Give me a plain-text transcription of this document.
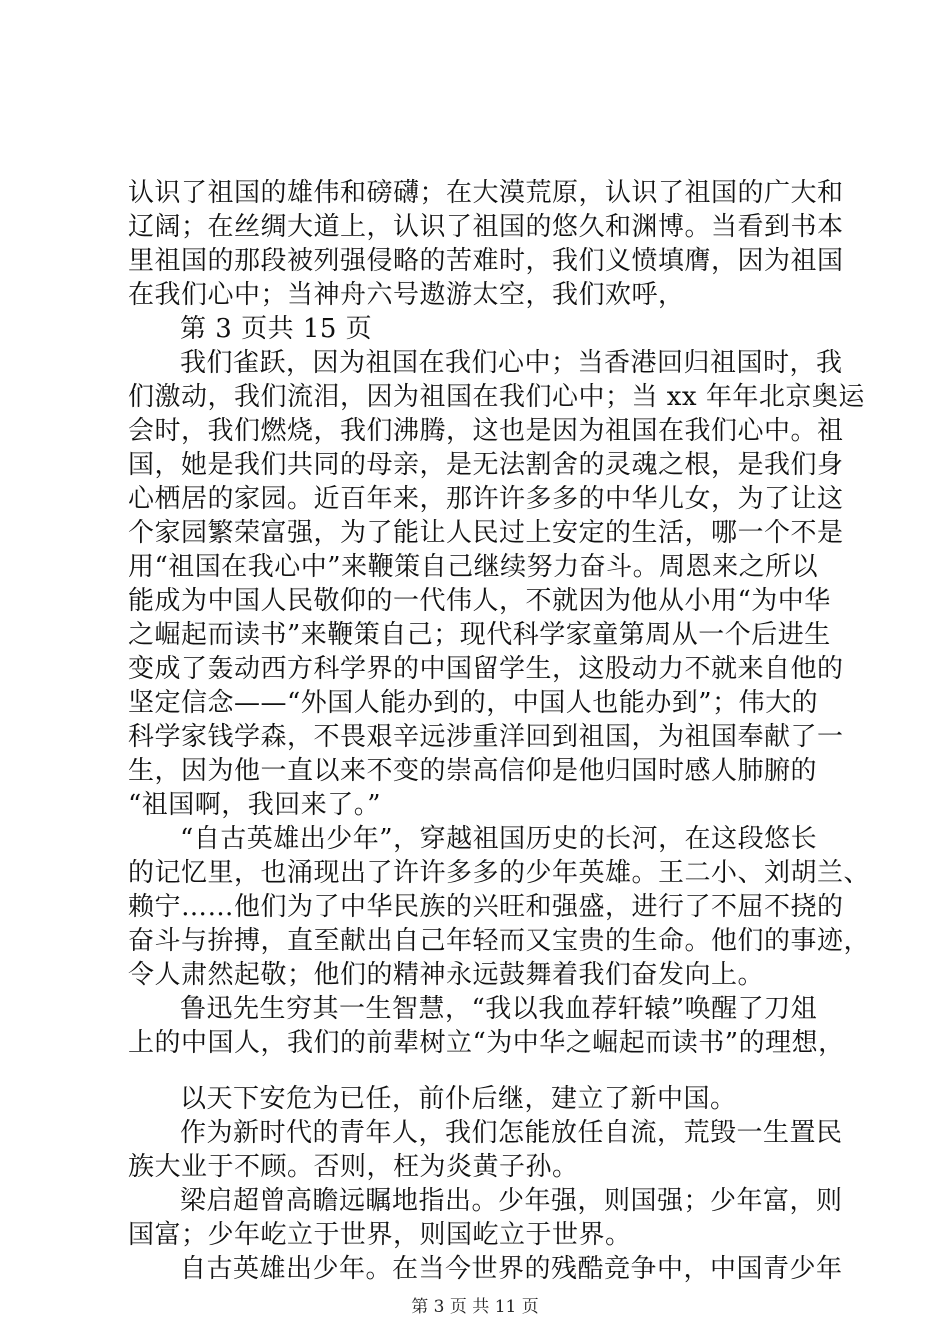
认识了祖国的雄伟和磅礴；在大漠荒原，认识了祖国的广大和
辽阔；在丝绸大道上，认识了祖国的悠久和渊博。当看到书本
里祖国的那段被列强侵略的苦难时，我们义愤填膺，因为祖国
在我们心中；当神舟六号遨游太空，我们欢呼，
第 3 页共 15 页
我们雀跃，因为祖国在我们心中；当香港回归祖国时，我
们激动，我们流泪，因为祖国在我们心中；当 xx 年年北京奥运
会时，我们燃烧，我们沸腾，这也是因为祖国在我们心中。祖
国，她是我们共同的母亲，是无法割舍的灵魂之根，是我们身
心栖居的家园。近百年来，那许许多多的中华儿女，为了让这
个家园繁荣富强，为了能让人民过上安定的生活，哪一个不是
用“祖国在我心中”来鞭策自己继续努力奋斗。周恩来之所以
能成为中国人民敬仰的一代伟人，不就因为他从小用“为中华
之崛起而读书”来鞭策自己；现代科学家童第周从一个后进生
变成了轰动西方科学界的中国留学生，这股动力不就来自他的
坚定信念——“外国人能办到的，中国人也能办到”；伟大的
科学家钱学森，不畏艰辛远涉重洋回到祖国，为祖国奉献了一
生，因为他一直以来不变的崇高信仰是他归国时感人肺腑的
“祖国啊，我回来了。”
“自古英雄出少年”，穿越祖国历史的长河，在这段悠长
的记忆里，也涌现出了许许多多的少年英雄。王二小、刘胡兰、
赖宁……他们为了中华民族的兴旺和强盛，进行了不屈不挠的
奋斗与拚搏，直至献出自己年轻而又宝贵的生命。他们的事迹，
令人肃然起敬；他们的精神永远鼓舞着我们奋发向上。
鲁迅先生穷其一生智慧，“我以我血荐轩辕”唤醒了刀俎
上的中国人，我们的前辈树立“为中华之崛起而读书”的理想，
以天下安危为已任，前仆后继，建立了新中国。
作为新时代的青年人，我们怎能放任自流，荒毁一生置民
族大业于不顾。否则，枉为炎黄子孙。
梁启超曾高瞻远瞩地指出。少年强，则国强；少年富，则
国富；少年屹立于世界，则国屹立于世界。
自古英雄出少年。在当今世界的残酷竞争中，中国青少年
第 3 页 共 11 页
